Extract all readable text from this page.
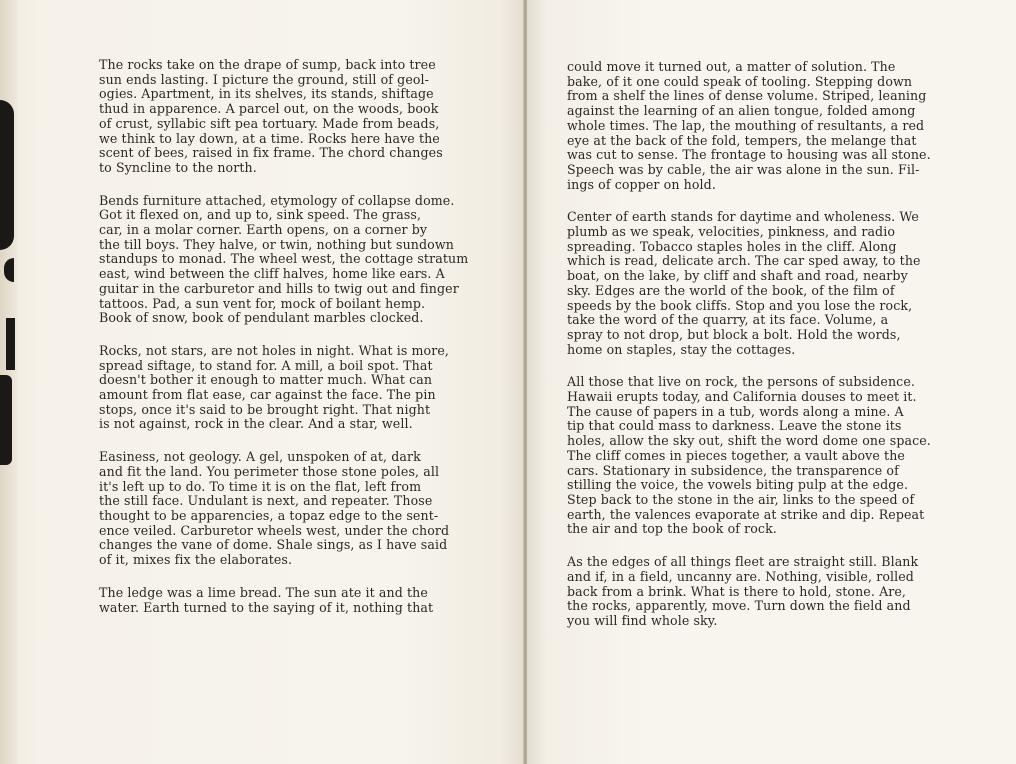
The rocks take on the drape of sump, back into tree
sun ends lasting. I picture the ground, still of geol-
ogies. Apartment, in its shelves, its stands, shiftage
thud in apparence. A parcel out, on the woods, book
of crust, syllabic sift pea tortuary. Made from beads,
we think to lay down, at a time. Rocks here have the
scent of bees, raised in fix frame. The chord changes
to Syncline to the north.

Bends furniture attached, etymology of collapse dome.
Got it flexed on, and up to, sink speed. The grass,
car, in a molar corner. Earth opens, on a corner by
the till boys. They halve, or twin, nothing but sundown
standups to monad. The wheel west, the cottage stratum
east, wind between the cliff halves, home like ears. A
guitar in the carburetor and hills to twig out and finger
tattoos. Pad, a sun vent for, mock of boilant hemp.
Book of snow, book of pendulant marbles clocked.

Rocks, not stars, are not holes in night. What is more,
spread siftage, to stand for. A mill, a boil spot. That
doesn't bother it enough to matter much. What can
amount from flat ease, car against the face. The pin
stops, once it's said to be brought right. That night
is not against, rock in the clear. And a star, well.

Easiness, not geology. A gel, unspoken of at, dark
and fit the land. You perimeter those stone poles, all
it's left up to do. To time it is on the flat, left from
the still face. Undulant is next, and repeater. Those
thought to be apparencies, a topaz edge to the sent-
ence veiled. Carburetor wheels west, under the chord
changes the vane of dome. Shale sings, as I have said
of it, mixes fix the elaborates.

The ledge was a lime bread. The sun ate it and the
water. Earth turned to the saying of it, nothing that

could move it turned out, a matter of solution. The
bake, of it one could speak of tooling. Stepping down
from a shelf the lines of dense volume. Striped, leaning
against the learning of an alien tongue, folded among
whole times. The lap, the mouthing of resultants, a red
eye at the back of the fold, tempers, the melange that
was cut to sense. The frontage to housing was all stone.
Speech was by cable, the air was alone in the sun. Fil-
ings of copper on hold.

Center of earth stands for daytime and wholeness. We
plumb as we speak, velocities, pinkness, and radio
spreading. Tobacco staples holes in the cliff. Along
which is read, delicate arch. The car sped away, to the
boat, on the lake, by cliff and shaft and road, nearby
sky. Edges are the world of the book, of the film of
speeds by the book cliffs. Stop and you lose the rock,
take the word of the quarry, at its face. Volume, a
spray to not drop, but block a bolt. Hold the words,
home on staples, stay the cottages.

All those that live on rock, the persons of subsidence.
Hawaii erupts today, and California douses to meet it.
The cause of papers in a tub, words along a mine. A
tip that could mass to darkness. Leave the stone its
holes, allow the sky out, shift the word dome one space.
The cliff comes in pieces together, a vault above the
cars. Stationary in subsidence, the transparence of
stilling the voice, the vowels biting pulp at the edge.
Step back to the stone in the air, links to the speed of
earth, the valences evaporate at strike and dip. Repeat
the air and top the book of rock.

As the edges of all things fleet are straight still. Blank
and if, in a field, uncanny are. Nothing, visible, rolled
back from a brink. What is there to hold, stone. Are,
the rocks, apparently, move. Turn down the field and
you will find whole sky.
